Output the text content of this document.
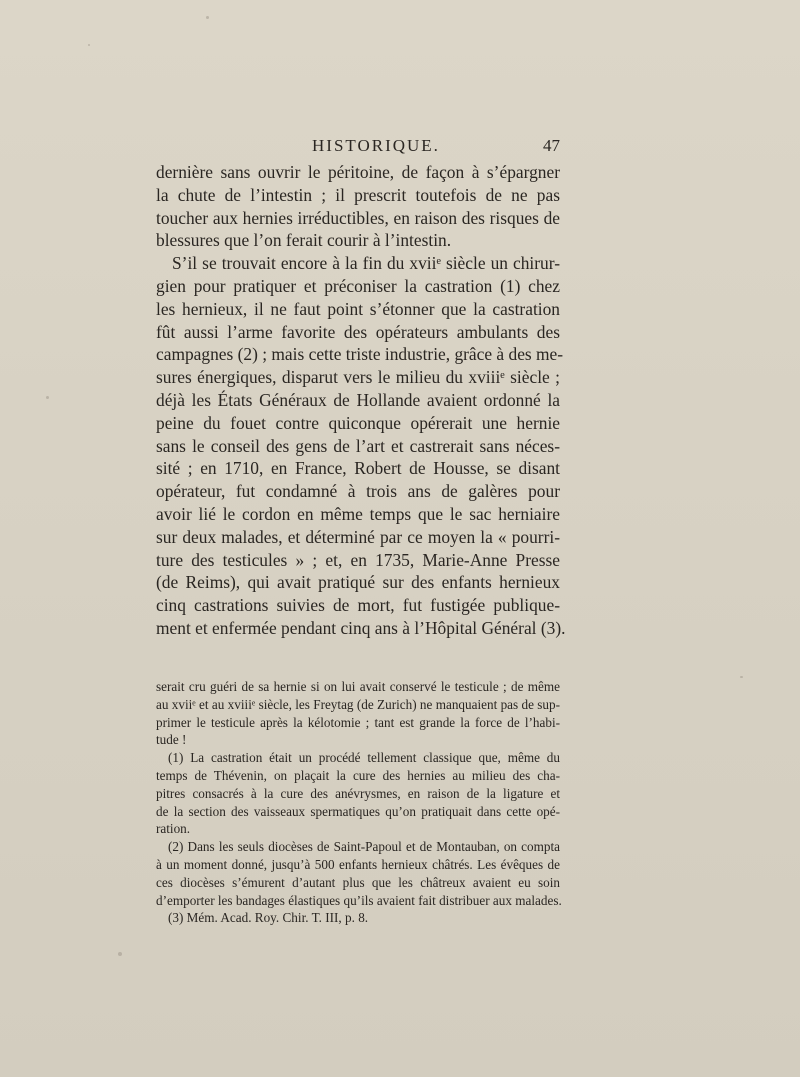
HISTORIQUE.	47
dernière sans ouvrir le péritoine, de façon à s’épargner
la chute de l’intestin ; il prescrit toutefois de ne pas
toucher aux hernies irréductibles, en raison des risques de
blessures que l’on ferait courir à l’intestin.
S’il se trouvait encore à la fin du xviiᵉ siècle un chirur-
gien pour pratiquer et préconiser la castration (1) chez
les hernieux, il ne faut point s’étonner que la castration
fût aussi l’arme favorite des opérateurs ambulants des
campagnes (2) ; mais cette triste industrie, grâce à des me-
sures énergiques, disparut vers le milieu du xviiiᵉ siècle ;
déjà les États Généraux de Hollande avaient ordonné la
peine du fouet contre quiconque opérerait une hernie
sans le conseil des gens de l’art et castrerait sans néces-
sité ; en 1710, en France, Robert de Housse, se disant
opérateur, fut condamné à trois ans de galères pour
avoir lié le cordon en même temps que le sac herniaire
sur deux malades, et déterminé par ce moyen la « pourri-
ture des testicules » ; et, en 1735, Marie-Anne Presse
(de Reims), qui avait pratiqué sur des enfants hernieux
cinq castrations suivies de mort, fut fustigée publique-
ment et enfermée pendant cinq ans à l’Hôpital Général (3).
serait cru guéri de sa hernie si on lui avait conservé le testicule ; de même
au xviiᵉ et au xviiiᵉ siècle, les Freytag (de Zurich) ne manquaient pas de sup-
primer le testicule après la kélotomie ; tant est grande la force de l’habi-
tude !
(1) La castration était un procédé tellement classique que, même du
temps de Thévenin, on plaçait la cure des hernies au milieu des cha-
pitres consacrés à la cure des anévrysmes, en raison de la ligature et
de la section des vaisseaux spermatiques qu’on pratiquait dans cette opé-
ration.
(2) Dans les seuls diocèses de Saint-Papoul et de Montauban, on compta
à un moment donné, jusqu’à 500 enfants hernieux châtrés. Les évêques de
ces diocèses s’émurent d’autant plus que les châtreux avaient eu soin
d’emporter les bandages élastiques qu’ils avaient fait distribuer aux malades.
(3) Mém. Acad. Roy. Chir. T. III, p. 8.
